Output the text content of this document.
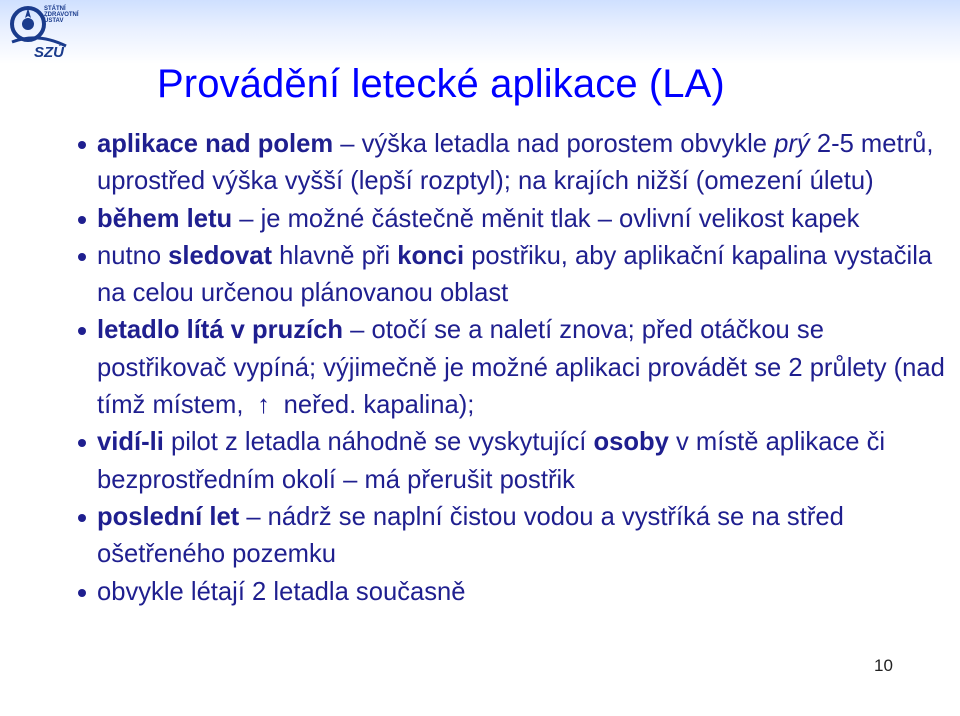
SZÚ
STÁTNÍ
ZDRAVOTNÍ
ÚSTAV
Provádění letecké aplikace (LA)
aplikace nad polem – výška letadla nad porostem obvykle prý 2-5 metrů, uprostřed výška vyšší (lepší rozptyl); na krajích nižší (omezení úletu)
během letu – je možné částečně měnit tlak – ovlivní velikost kapek
nutno sledovat hlavně při konci postřiku, aby aplikační kapalina vystačila na celou určenou plánovanou oblast
letadlo lítá v pruzích – otočí se a naletí znova; před otáčkou se postřikovač vypíná; výjimečně je možné aplikaci provádět se 2 průlety (nad tímž místem, ↑ neřed. kapalina);
vidí-li pilot z letadla náhodně se vyskytující osoby v místě aplikace či bezprostředním okolí – má přerušit postřik
poslední let – nádrž se naplní čistou vodou a vystříká se na střed ošetřeného pozemku
obvykle létají 2 letadla současně
10
